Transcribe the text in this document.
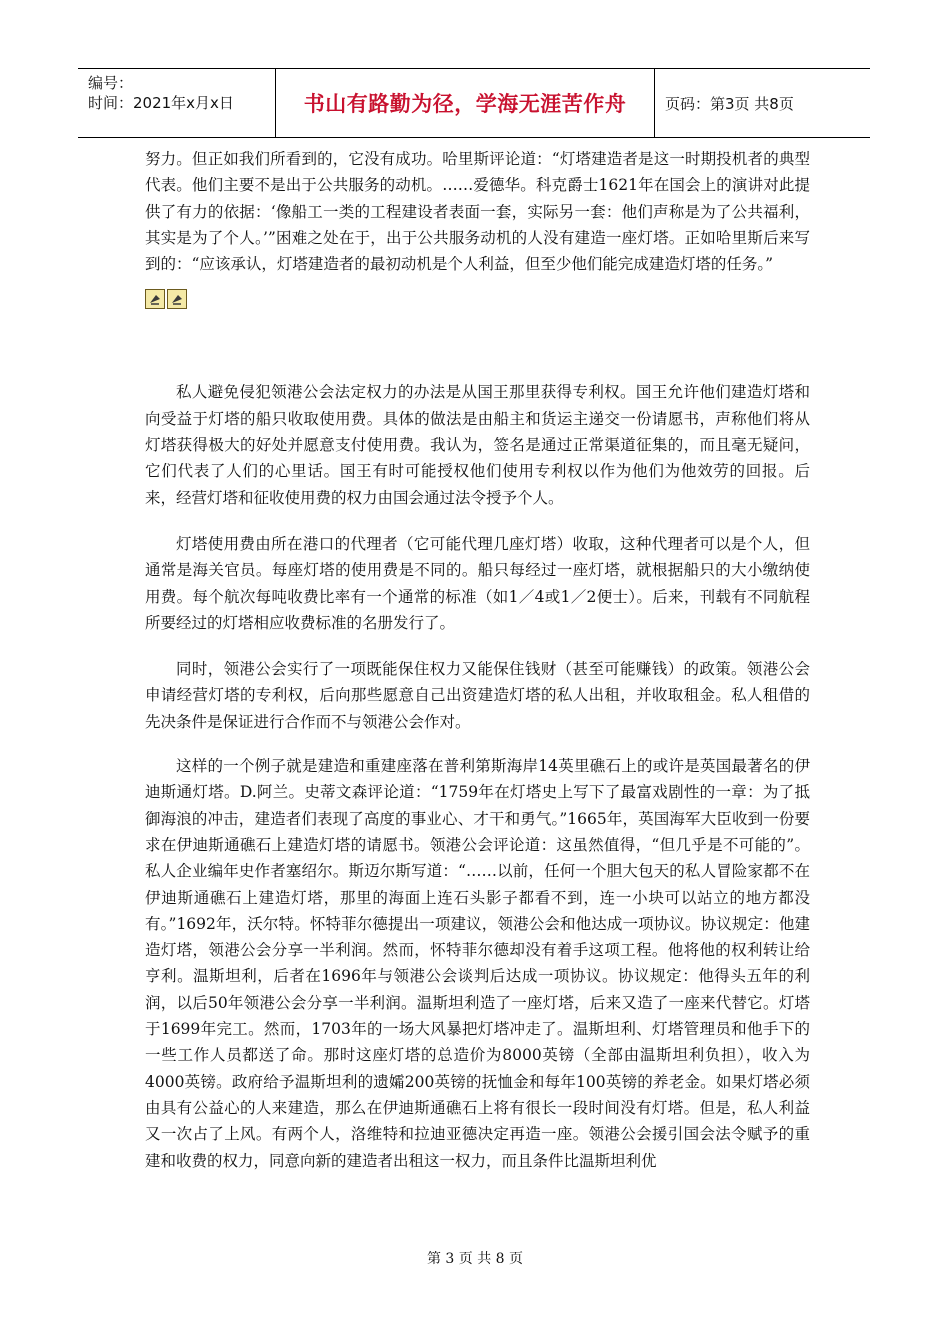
编号：
时间：2021年x月x日	书山有路勤为径，学海无涯苦作舟	页码：第3页 共8页

努力。但正如我们所看到的，它没有成功。哈里斯评论道：“灯塔建造者是这一时期投机者的典型代表。他们主要不是出于公共服务的动机。……爱德华。科克爵士1621年在国会上的演讲对此提供了有力的依据：‘像船工一类的工程建设者表面一套，实际另一套：他们声称是为了公共福利，其实是为了个人。’”困难之处在于，出于公共服务动机的人没有建造一座灯塔。正如哈里斯后来写到的：“应该承认，灯塔建造者的最初动机是个人利益，但至少他们能完成建造灯塔的任务。”

私人避免侵犯领港公会法定权力的办法是从国王那里获得专利权。国王允许他们建造灯塔和向受益于灯塔的船只收取使用费。具体的做法是由船主和货运主递交一份请愿书，声称他们将从灯塔获得极大的好处并愿意支付使用费。我认为，签名是通过正常渠道征集的，而且毫无疑问，它们代表了人们的心里话。国王有时可能授权他们使用专利权以作为他们为他效劳的回报。后来，经营灯塔和征收使用费的权力由国会通过法令授予个人。

灯塔使用费由所在港口的代理者（它可能代理几座灯塔）收取，这种代理者可以是个人，但通常是海关官员。每座灯塔的使用费是不同的。船只每经过一座灯塔，就根据船只的大小缴纳使用费。每个航次每吨收费比率有一个通常的标准（如1／4或1／2便士）。后来，刊载有不同航程所要经过的灯塔相应收费标准的名册发行了。

同时，领港公会实行了一项既能保住权力又能保住钱财（甚至可能赚钱）的政策。领港公会申请经营灯塔的专利权，后向那些愿意自己出资建造灯塔的私人出租，并收取租金。私人租借的先决条件是保证进行合作而不与领港公会作对。

这样的一个例子就是建造和重建座落在普利第斯海岸14英里礁石上的或许是英国最著名的伊迪斯通灯塔。D.阿兰。史蒂文森评论道：“1759年在灯塔史上写下了最富戏剧性的一章：为了抵御海浪的冲击，建造者们表现了高度的事业心、才干和勇气。”1665年，英国海军大臣收到一份要求在伊迪斯通礁石上建造灯塔的请愿书。领港公会评论道：这虽然值得，“但几乎是不可能的”。私人企业编年史作者塞绍尔。斯迈尔斯写道：“……以前，任何一个胆大包天的私人冒险家都不在伊迪斯通礁石上建造灯塔，那里的海面上连石头影子都看不到，连一小块可以站立的地方都没有。”1692年，沃尔特。怀特菲尔德提出一项建议，领港公会和他达成一项协议。协议规定：他建造灯塔，领港公会分享一半利润。然而，怀特菲尔德却没有着手这项工程。他将他的权利转让给亨利。温斯坦利，后者在1696年与领港公会谈判后达成一项协议。协议规定：他得头五年的利润，以后50年领港公会分享一半利润。温斯坦利造了一座灯塔，后来又造了一座来代替它。灯塔于1699年完工。然而，1703年的一场大风暴把灯塔冲走了。温斯坦利、灯塔管理员和他手下的一些工作人员都送了命。那时这座灯塔的总造价为8000英镑（全部由温斯坦利负担），收入为4000英镑。政府给予温斯坦利的遗孀200英镑的抚恤金和每年100英镑的养老金。如果灯塔必须由具有公益心的人来建造，那么在伊迪斯通礁石上将有很长一段时间没有灯塔。但是，私人利益又一次占了上风。有两个人，洛维特和拉迪亚德决定再造一座。领港公会援引国会法令赋予的重建和收费的权力，同意向新的建造者出租这一权力，而且条件比温斯坦利优

第 3 页 共 8 页
